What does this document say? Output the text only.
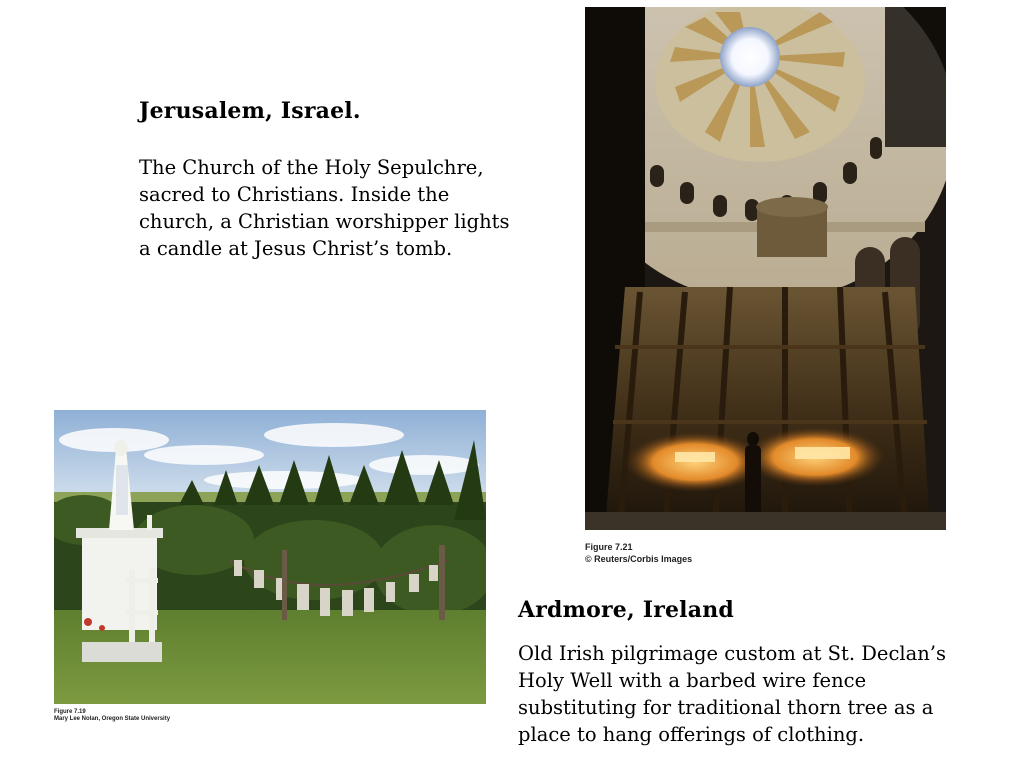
Jerusalem, Israel.
The Church of the Holy Sepulchre,
sacred to Christians. Inside the
church, a Christian worshipper lights
a candle at Jesus Christ’s tomb.
Figure 7.21
© Reuters/Corbis Images
Figure 7.19
Mary Lee Nolan, Oregon State University
Ardmore, Ireland
Old Irish pilgrimage custom at St. Declan’s
Holy Well with a barbed wire fence
substituting for traditional thorn tree as a
place to hang offerings of clothing.
